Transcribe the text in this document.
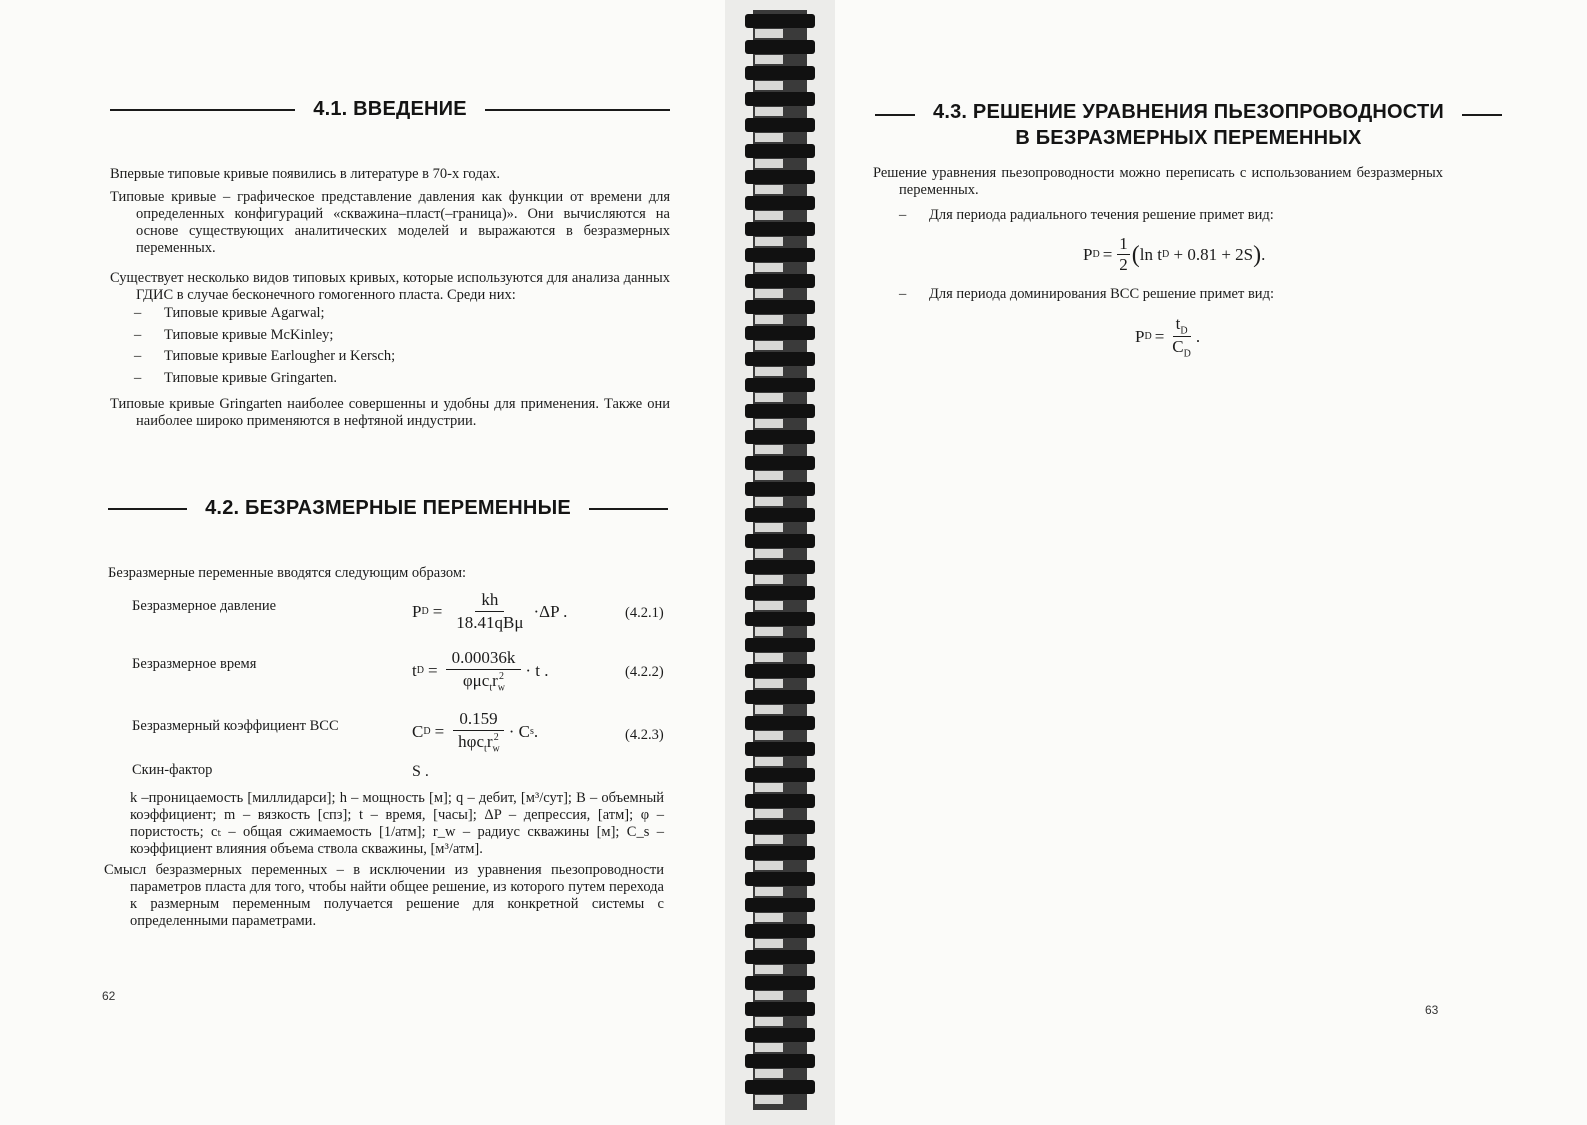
4.1. ВВЕДЕНИЕ

Впервые типовые кривые появились в литературе в 70-х годах.

Типовые кривые – графическое представление давления как функции от времени для определенных конфигураций «скважина–пласт(–граница)». Они вычисляются на основе существующих аналитических моделей и выражаются в безразмерных переменных.

Существует несколько видов типовых кривых, которые используются для анализа данных ГДИС в случае бесконечного гомогенного пласта. Среди них:

– Типовые кривые Agarwal;
– Типовые кривые McKinley;
– Типовые кривые Earlougher и Kersch;
– Типовые кривые Gringarten.

Типовые кривые Gringarten наиболее совершенны и удобны для применения. Также они наиболее широко применяются в нефтяной индустрии.

4.2. БЕЗРАЗМЕРНЫЕ ПЕРЕМЕННЫЕ

Безразмерные переменные вводятся следующим образом:

Безразмерное давление	P $D = \frac{kh}{\text{18.41qBμ}} \cdot\Delta P$ .	(4.2.1)
Безразмерное время	t $D = \frac{0.00036k}{\varphi\mu c_tr_w^2} \cdot t$ .	(4.2.2)
Безразмерный коэффициент ВСС	C $D = \frac{0.159}{h\varphi c_tr_w^2} \cdot C$ s .	(4.2.3)
Скин-фактор	S .

k –проницаемость [миллидарси]; h – мощность [м]; q – дебит, [м³/сут]; B – объемный коэффициент; m – вязкость [спз]; t – время, [часы]; ΔP – депрессия, [атм]; φ – пористость; cₜ – общая сжимаемость [1/атм]; r_w – радиус скважины [м]; C_s – коэффициент влияния объема ствола скважины, [м³/атм].

Смысл безразмерных переменных – в исключении из уравнения пьезопроводности параметров пласта для того, чтобы найти общее решение, из которого путем перехода к размерным переменным получается решение для конкретной системы с определенными параметрами.

62
4.3. РЕШЕНИЕ УРАВНЕНИЯ ПЬЕЗОПРОВОДНОСТИ
В БЕЗРАЗМЕРНЫХ ПЕРЕМЕННЫХ

Решение уравнения пьезопроводности можно переписать с использованием безразмерных переменных.

– Для периода радиального течения решение примет вид:
P $D = \frac{1}{2}$ ( ln t D + 0.81 + 2S ) .
– Для периода доминирования ВСС решение примет вид:
P $D = \frac{t_D}{C_D}$ .
63
